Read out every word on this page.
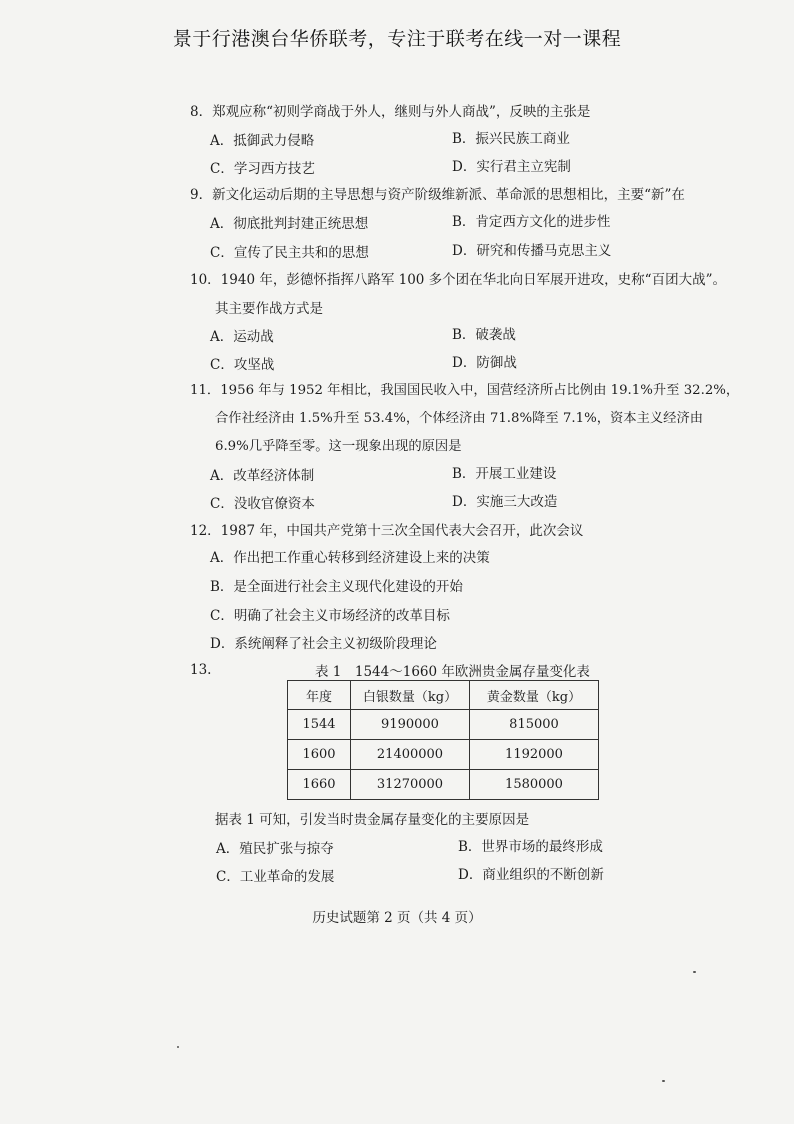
景于行港澳台华侨联考，专注于联考在线一对一课程
8．郑观应称“初则学商战于外人，继则与外人商战”，反映的主张是
A．抵御武力侵略	B．振兴民族工商业
C．学习西方技艺	D．实行君主立宪制
9．新文化运动后期的主导思想与资产阶级维新派、革命派的思想相比，主要“新”在
A．彻底批判封建正统思想	B．肯定西方文化的进步性
C．宣传了民主共和的思想	D．研究和传播马克思主义
10．1940 年，彭德怀指挥八路军 100 多个团在华北向日军展开进攻，史称“百团大战”。
其主要作战方式是
A．运动战	B．破袭战
C．攻坚战	D．防御战
11．1956 年与 1952 年相比，我国国民收入中，国营经济所占比例由 19.1%升至 32.2%，
合作社经济由 1.5%升至 53.4%，个体经济由 71.8%降至 7.1%，资本主义经济由
6.9%几乎降至零。这一现象出现的原因是
A．改革经济体制	B．开展工业建设
C．没收官僚资本	D．实施三大改造
12．1987 年，中国共产党第十三次全国代表大会召开，此次会议
A．作出把工作重心转移到经济建设上来的决策
B．是全面进行社会主义现代化建设的开始
C．明确了社会主义市场经济的改革目标
D．系统阐释了社会主义初级阶段理论
13.	表 1　1544～1660 年欧洲贵金属存量变化表
年度	白银数量（kg）	黄金数量（kg）
1544	9190000	815000
1600	21400000	1192000
1660	31270000	1580000
据表 1 可知，引发当时贵金属存量变化的主要原因是
A．殖民扩张与掠夺	B．世界市场的最终形成
C．工业革命的发展	D．商业组织的不断创新
历史试题第 2 页（共 4 页）
